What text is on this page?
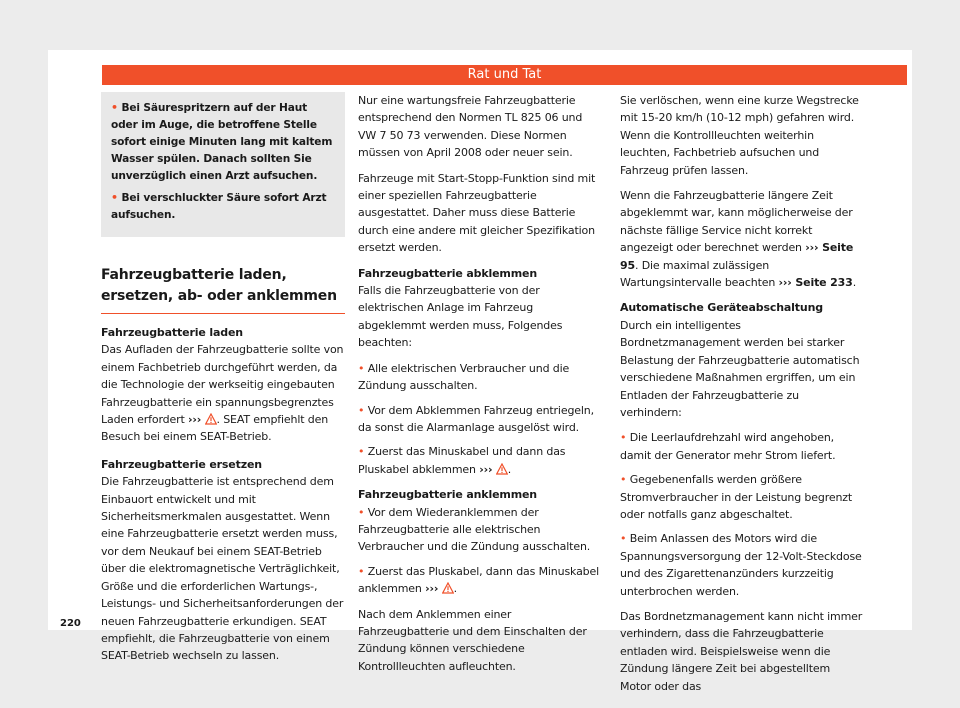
Rat und Tat

• Bei Säurespritzern auf der Haut oder im Auge, die betroffene Stelle sofort einige Minuten lang mit kaltem Wasser spülen. Danach sollten Sie unverzüglich einen Arzt aufsuchen.

• Bei verschluckter Säure sofort Arzt aufsuchen.

Fahrzeugbatterie laden, ersetzen, ab- oder anklemmen

Fahrzeugbatterie laden

Das Aufladen der Fahrzeugbatterie sollte von einem Fachbetrieb durchgeführt werden, da die Technologie der werkseitig eingebauten Fahrzeugbatterie ein spannungsbegrenztes Laden erfordert ››› . SEAT empfiehlt den Besuch bei einem SEAT-Betrieb.

Fahrzeugbatterie ersetzen

Die Fahrzeugbatterie ist entsprechend dem Einbauort entwickelt und mit Sicherheitsmerkmalen ausgestattet. Wenn eine Fahrzeugbatterie ersetzt werden muss, vor dem Neukauf bei einem SEAT-Betrieb über die elektromagnetische Verträglichkeit, Größe und die erforderlichen Wartungs-, Leistungs- und Sicherheitsanforderungen der neuen Fahrzeugbatterie erkundigen. SEAT empfiehlt, die Fahrzeugbatterie von einem SEAT-Betrieb wechseln zu lassen.

Nur eine wartungsfreie Fahrzeugbatterie entsprechend den Normen TL 825 06 und VW 7 50 73 verwenden. Diese Normen müssen von April 2008 oder neuer sein.

Fahrzeuge mit Start-Stopp-Funktion sind mit einer speziellen Fahrzeugbatterie ausgestattet. Daher muss diese Batterie durch eine andere mit gleicher Spezifikation ersetzt werden.

Fahrzeugbatterie abklemmen

Falls die Fahrzeugbatterie von der elektrischen Anlage im Fahrzeug abgeklemmt werden muss, Folgendes beachten:

• Alle elektrischen Verbraucher und die Zündung ausschalten.
• Vor dem Abklemmen Fahrzeug entriegeln, da sonst die Alarmanlage ausgelöst wird.
• Zuerst das Minuskabel und dann das Pluskabel abklemmen ››› .

Fahrzeugbatterie anklemmen

• Vor dem Wiederanklemmen der Fahrzeugbatterie alle elektrischen Verbraucher und die Zündung ausschalten.
• Zuerst das Pluskabel, dann das Minuskabel anklemmen ››› .

Nach dem Anklemmen einer Fahrzeugbatterie und dem Einschalten der Zündung können verschiedene Kontrollleuchten aufleuchten.

Sie verlöschen, wenn eine kurze Wegstrecke mit 15-20 km/h (10-12 mph) gefahren wird. Wenn die Kontrollleuchten weiterhin leuchten, Fachbetrieb aufsuchen und Fahrzeug prüfen lassen.

Wenn die Fahrzeugbatterie längere Zeit abgeklemmt war, kann möglicherweise der nächste fällige Service nicht korrekt angezeigt oder berechnet werden ››› Seite 95. Die maximal zulässigen Wartungsintervalle beachten ››› Seite 233.

Automatische Geräteabschaltung

Durch ein intelligentes Bordnetzmanagement werden bei starker Belastung der Fahrzeugbatterie automatisch verschiedene Maßnahmen ergriffen, um ein Entladen der Fahrzeugbatterie zu verhindern:

• Die Leerlaufdrehzahl wird angehoben, damit der Generator mehr Strom liefert.
• Gegebenenfalls werden größere Stromverbraucher in der Leistung begrenzt oder notfalls ganz abgeschaltet.
• Beim Anlassen des Motors wird die Spannungsversorgung der 12-Volt-Steckdose und des Zigarettenanzünders kurzzeitig unterbrochen werden.

Das Bordnetzmanagement kann nicht immer verhindern, dass die Fahrzeugbatterie entladen wird. Beispielsweise wenn die Zündung längere Zeit bei abgestelltem Motor oder das

220
